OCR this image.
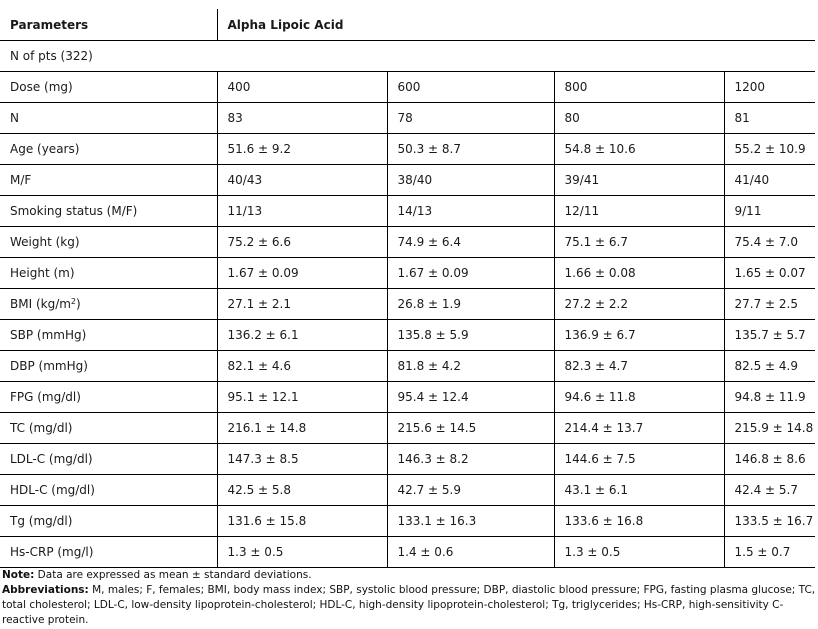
Parameters	Alpha Lipoic Acid			
N of pts (322)				
Dose (mg)	400	600	800	1200
N	83	78	80	81
Age (years)	51.6 ± 9.2	50.3 ± 8.7	54.8 ± 10.6	55.2 ± 10.9
M/F	40/43	38/40	39/41	41/40
Smoking status (M/F)	11/13	14/13	12/11	9/11
Weight (kg)	75.2 ± 6.6	74.9 ± 6.4	75.1 ± 6.7	75.4 ± 7.0
Height (m)	1.67 ± 0.09	1.67 ± 0.09	1.66 ± 0.08	1.65 ± 0.07
BMI $(kg/m^2)$	27.1 ± 2.1	26.8 ± 1.9	27.2 ± 2.2	27.7 ± 2.5
SBP (mmHg)	136.2 ± 6.1	135.8 ± 5.9	136.9 ± 6.7	135.7 ± 5.7
DBP (mmHg)	82.1 ± 4.6	81.8 ± 4.2	82.3 ± 4.7	82.5 ± 4.9
FPG (mg/dl)	95.1 ± 12.1	95.4 ± 12.4	94.6 ± 11.8	94.8 ± 11.9
TC (mg/dl)	216.1 ± 14.8	215.6 ± 14.5	214.4 ± 13.7	215.9 ± 14.8
LDL-C (mg/dl)	147.3 ± 8.5	146.3 ± 8.2	144.6 ± 7.5	146.8 ± 8.6
HDL-C (mg/dl)	42.5 ± 5.8	42.7 ± 5.9	43.1 ± 6.1	42.4 ± 5.7
Tg (mg/dl)	131.6 ± 15.8	133.1 ± 16.3	133.6 ± 16.8	133.5 ± 16.7
Hs-CRP (mg/l)	1.3 ± 0.5	1.4 ± 0.6	1.3 ± 0.5	1.5 ± 0.7
Note: Data are expressed as mean ± standard deviations.
Abbreviations: M, males; F, females; BMI, body mass index; SBP, systolic blood pressure; DBP, diastolic blood pressure; FPG, fasting plasma glucose; TC, total cholesterol; LDL-C, low-density lipoprotein-cholesterol; HDL-C, high-density lipoprotein-cholesterol; Tg, triglycerides; Hs-CRP, high-sensitivity C-reactive protein.
